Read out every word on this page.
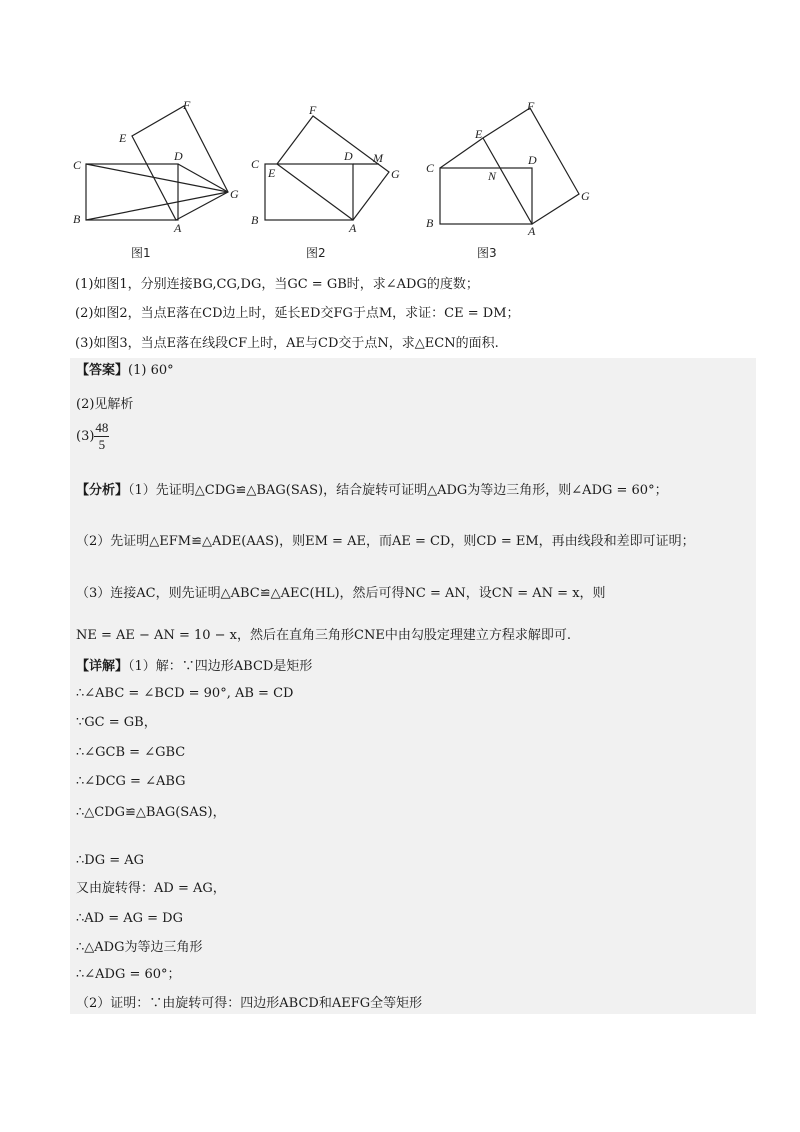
F
E
C
D
G
B
A
图1
F
C
E
D M
G
B
A
图2
F
E
C
N
D
G
B
A
图3
(1)如图1，分别连接BG,CG,DG，当GC = GB时，求∠ADG的度数；
(2)如图2，当点E落在CD边上时，延长ED交FG于点M，求证：CE = DM；
(3)如图3，当点E落在线段CF上时，AE与CD交于点N，求△ECN的面积.
【答案】(1) 60°
(2)见解析
$(3) \frac{48}{5}$
【分析】（1）先证明△CDG≌△BAG(SAS)，结合旋转可证明△ADG为等边三角形，则∠ADG = 60°；
（2）先证明△EFM≌△ADE(AAS)，则EM = AE，而AE = CD，则CD = EM，再由线段和差即可证明；
（3）连接AC，则先证明△ABC≌△AEC(HL)，然后可得NC = AN，设CN = AN = x，则
NE = AE − AN = 10 − x，然后在直角三角形CNE中由勾股定理建立方程求解即可.
【详解】（1）解：∵四边形ABCD是矩形
∴∠ABC = ∠BCD = 90°, AB = CD
∵GC = GB，
∴∠GCB = ∠GBC
∴∠DCG = ∠ABG
∴△CDG≌△BAG(SAS)，
∴DG = AG
又由旋转得：AD = AG，
∴AD = AG = DG
∴△ADG为等边三角形
∴∠ADG = 60°；
（2）证明：∵由旋转可得：四边形ABCD和AEFG全等矩形
